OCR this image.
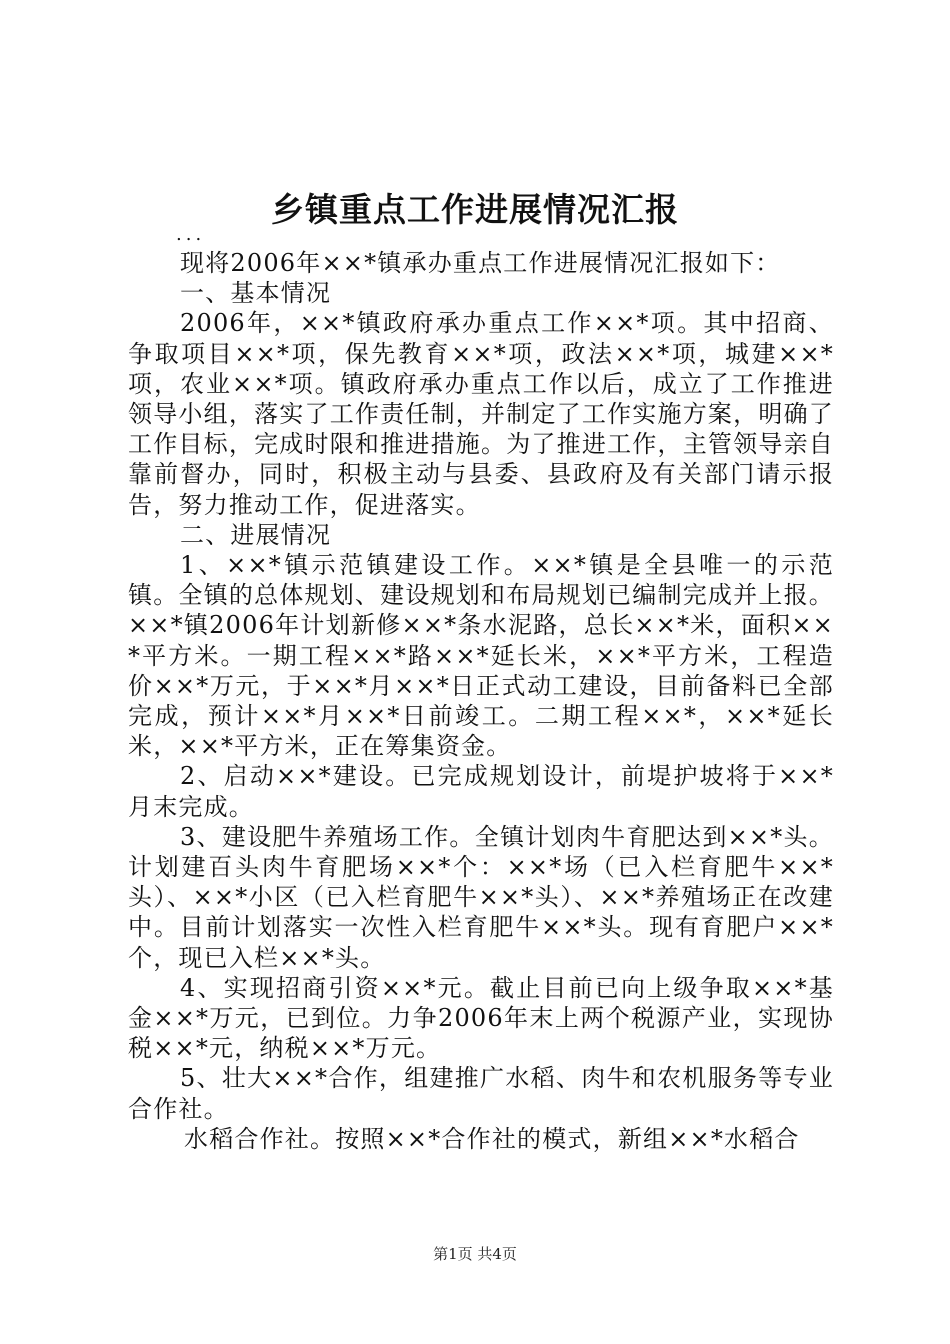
乡镇重点工作进展情况汇报

...

现将2006年××*镇承办重点工作进展情况汇报如下：

一、基本情况

2006年，××*镇政府承办重点工作××*项。其中招商、争取项目××*项，保先教育××*项，政法××*项，城建××*项，农业××*项。镇政府承办重点工作以后，成立了工作推进领导小组，落实了工作责任制，并制定了工作实施方案，明确了工作目标，完成时限和推进措施。为了推进工作，主管领导亲自靠前督办，同时，积极主动与县委、县政府及有关部门请示报告，努力推动工作，促进落实。

二、进展情况

1、××*镇示范镇建设工作。××*镇是全县唯一的示范镇。全镇的总体规划、建设规划和布局规划已编制完成并上报。××*镇2006年计划新修××*条水泥路，总长××*米，面积××*平方米。一期工程××*路××*延长米，××*平方米，工程造价××*万元，于××*月××*日正式动工建设，目前备料已全部完成，预计××*月××*日前竣工。二期工程××*，××*延长米，××*平方米，正在筹集资金。

2、启动××*建设。已完成规划设计，前堤护坡将于××*月末完成。

3、建设肥牛养殖场工作。全镇计划肉牛育肥达到××*头。计划建百头肉牛育肥场××*个：××*场（已入栏育肥牛××*头）、××*小区（已入栏育肥牛××*头）、××*养殖场正在改建中。目前计划落实一次性入栏育肥牛××*头。现有育肥户××*个，现已入栏××*头。

4、实现招商引资××*元。截止目前已向上级争取××*基金××*万元，已到位。力争2006年末上两个税源产业，实现协税××*元，纳税××*万元。

5、壮大××*合作，组建推广水稻、肉牛和农机服务等专业合作社。

水稻合作社。按照××*合作社的模式，新组××*水稻合

第1页 共4页
